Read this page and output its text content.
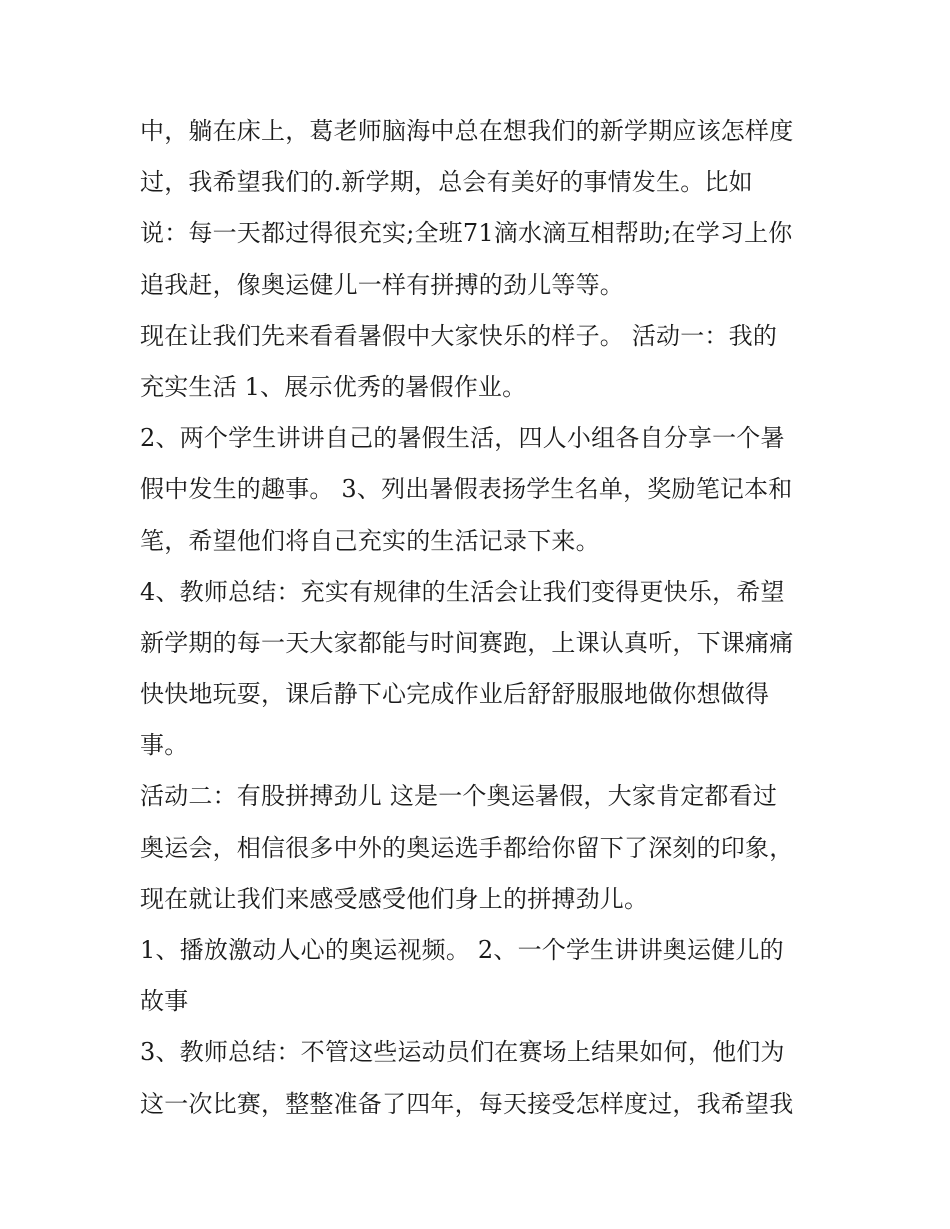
中，躺在床上，葛老师脑海中总在想我们的新学期应该怎样度
过，我希望我们的.新学期，总会有美好的事情发生。比如
说：每一天都过得很充实;全班71滴水滴互相帮助;在学习上你
追我赶，像奥运健儿一样有拼搏的劲儿等等。
现在让我们先来看看暑假中大家快乐的样子。 活动一：我的
充实生活 1、展示优秀的暑假作业。
2、两个学生讲讲自己的暑假生活，四人小组各自分享一个暑
假中发生的趣事。 3、列出暑假表扬学生名单，奖励笔记本和
笔，希望他们将自己充实的生活记录下来。
4、教师总结：充实有规律的生活会让我们变得更快乐，希望
新学期的每一天大家都能与时间赛跑，上课认真听，下课痛痛
快快地玩耍，课后静下心完成作业后舒舒服服地做你想做得
事。
活动二：有股拼搏劲儿 这是一个奥运暑假，大家肯定都看过
奥运会，相信很多中外的奥运选手都给你留下了深刻的印象，
现在就让我们来感受感受他们身上的拼搏劲儿。
1、播放激动人心的奥运视频。 2、一个学生讲讲奥运健儿的
故事
3、教师总结：不管这些运动员们在赛场上结果如何，他们为
这一次比赛，整整准备了四年，每天接受怎样度过，我希望我
